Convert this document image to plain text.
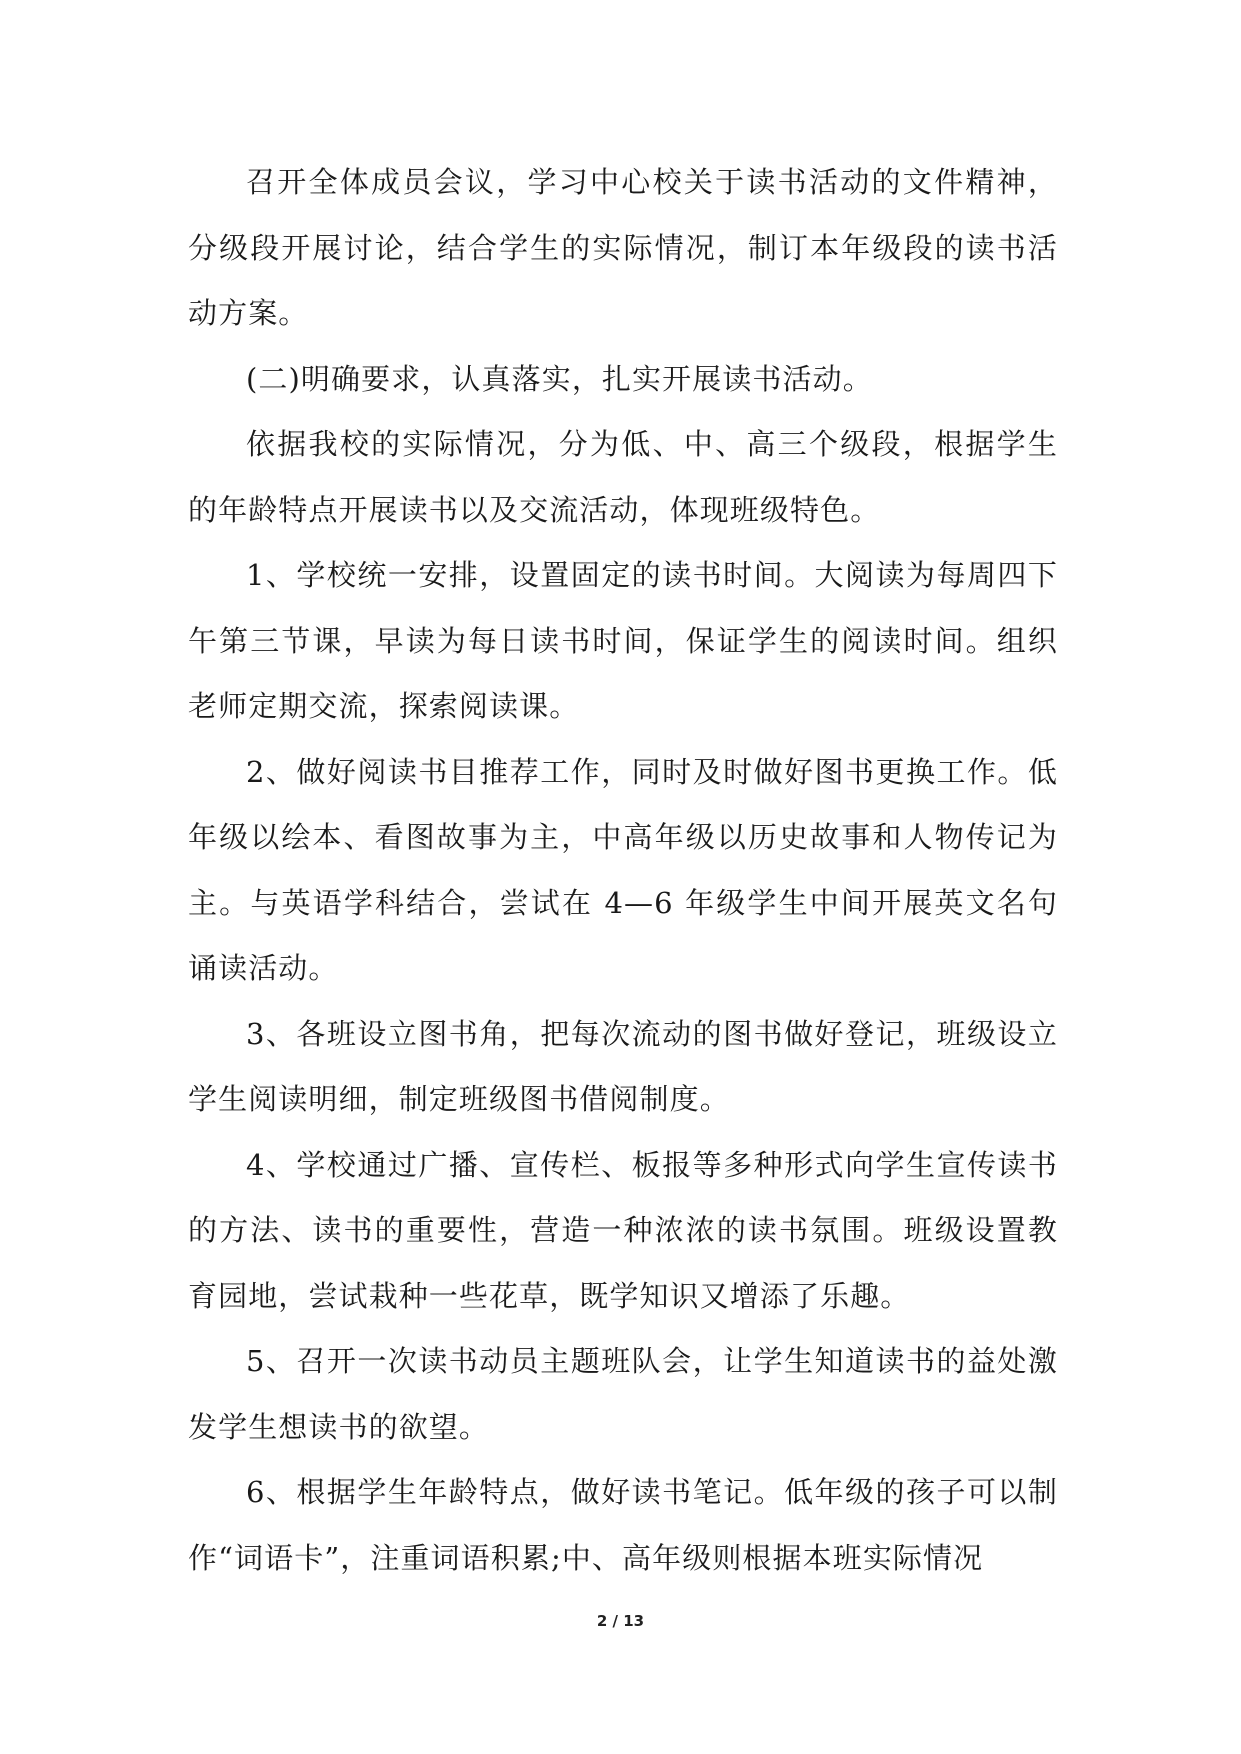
召开全体成员会议，学习中心校关于读书活动的文件精神，分级段开展讨论，结合学生的实际情况，制订本年级段的读书活动方案。

(二)明确要求，认真落实，扎实开展读书活动。

依据我校的实际情况，分为低、中、高三个级段，根据学生的年龄特点开展读书以及交流活动，体现班级特色。

1、学校统一安排，设置固定的读书时间。大阅读为每周四下午第三节课，早读为每日读书时间，保证学生的阅读时间。组织老师定期交流，探索阅读课。

2、做好阅读书目推荐工作，同时及时做好图书更换工作。低年级以绘本、看图故事为主，中高年级以历史故事和人物传记为主。与英语学科结合，尝试在 4—6 年级学生中间开展英文名句诵读活动。

3、各班设立图书角，把每次流动的图书做好登记，班级设立学生阅读明细，制定班级图书借阅制度。

4、学校通过广播、宣传栏、板报等多种形式向学生宣传读书的方法、读书的重要性，营造一种浓浓的读书氛围。班级设置教育园地，尝试栽种一些花草，既学知识又增添了乐趣。

5、召开一次读书动员主题班队会，让学生知道读书的益处激发学生想读书的欲望。

6、根据学生年龄特点，做好读书笔记。低年级的孩子可以制作“词语卡”，注重词语积累;中、高年级则根据本班实际情况

2 / 13
